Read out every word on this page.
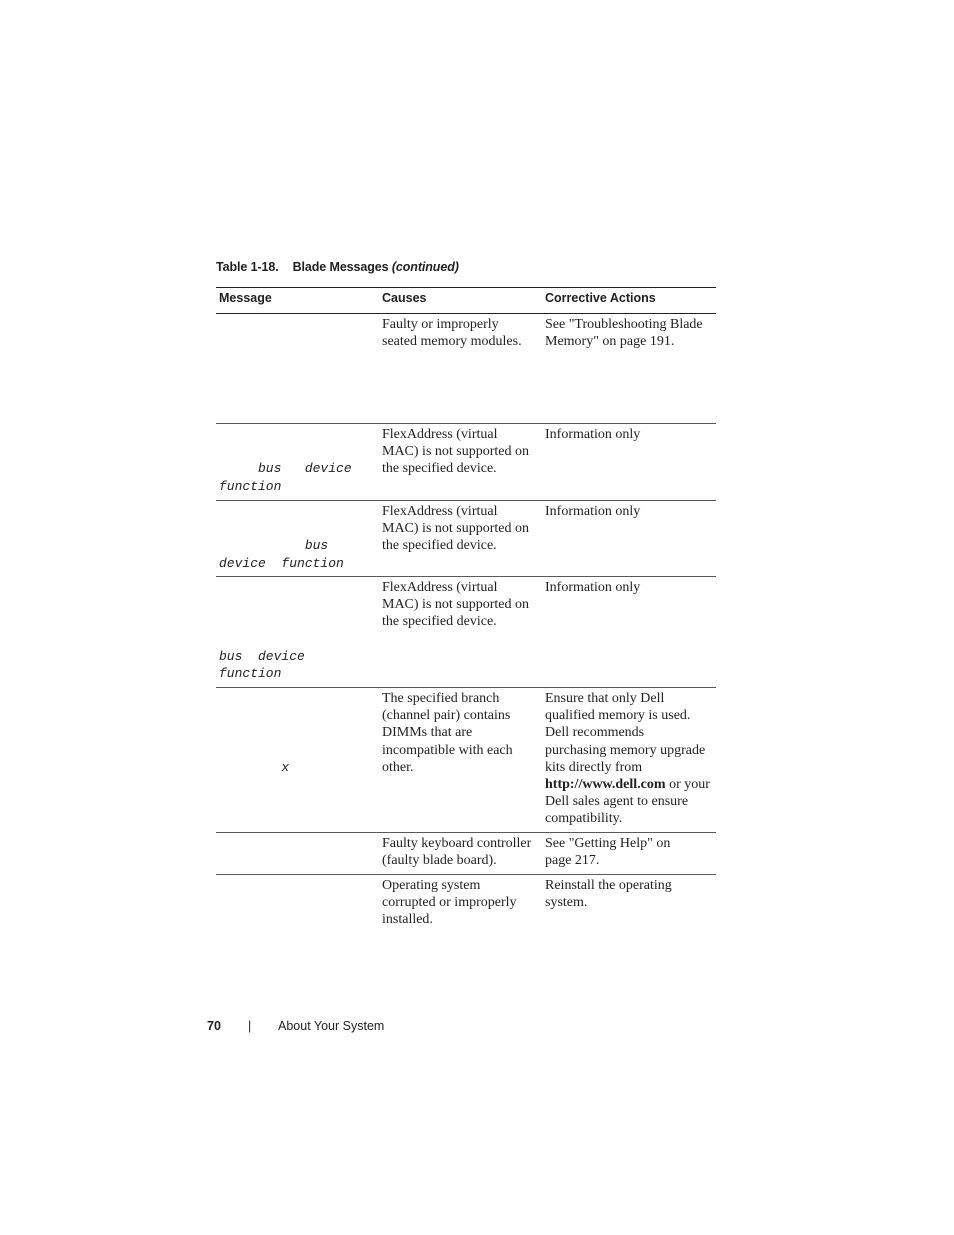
Table 1-18. Blade Messages (continued)
Message	Causes	Corrective Actions
Faulty or improperly
seated memory modules.
See "Troubleshooting Blade
Memory" on page 191.

bus   device
function
FlexAddress (virtual
MAC) is not supported on
the specified device.
Information only

bus
device  function
FlexAddress (virtual
MAC) is not supported on
the specified device.
Information only

bus  device
function
FlexAddress (virtual
MAC) is not supported on
the specified device.
Information only

x
The specified branch
(channel pair) contains
DIMMs that are
incompatible with each
other.
Ensure that only Dell
qualified memory is used.
Dell recommends
purchasing memory upgrade
kits directly from
http://www.dell.com or your
Dell sales agent to ensure
compatibility.
Faulty keyboard controller
(faulty blade board).
See "Getting Help" on
page 217.
Operating system
corrupted or improperly
installed.
Reinstall the operating
system.
70 | About Your System
